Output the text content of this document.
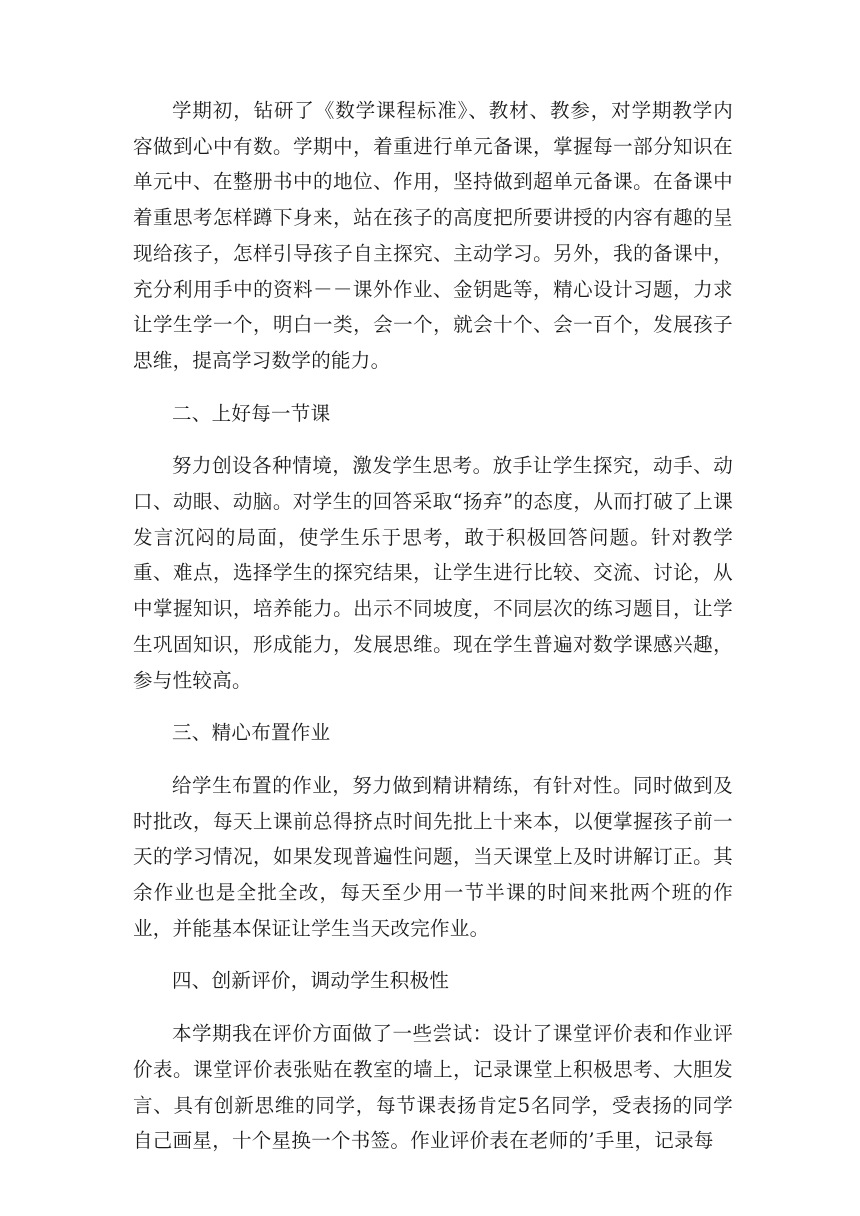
学期初，钻研了《数学课程标准》、教材、教参，对学期教学内容做到心中有数。学期中，着重进行单元备课，掌握每一部分知识在单元中、在整册书中的地位、作用，坚持做到超单元备课。在备课中着重思考怎样蹲下身来，站在孩子的高度把所要讲授的内容有趣的呈现给孩子，怎样引导孩子自主探究、主动学习。另外，我的备课中，充分利用手中的资料－－课外作业、金钥匙等，精心设计习题，力求让学生学一个，明白一类，会一个，就会十个、会一百个，发展孩子思维，提高学习数学的能力。

二、上好每一节课

努力创设各种情境，激发学生思考。放手让学生探究，动手、动口、动眼、动脑。对学生的回答采取“扬弃”的态度，从而打破了上课发言沉闷的局面，使学生乐于思考，敢于积极回答问题。针对教学重、难点，选择学生的探究结果，让学生进行比较、交流、讨论，从中掌握知识，培养能力。出示不同坡度，不同层次的练习题目，让学生巩固知识，形成能力，发展思维。现在学生普遍对数学课感兴趣，参与性较高。

三、精心布置作业

给学生布置的作业，努力做到精讲精练，有针对性。同时做到及时批改，每天上课前总得挤点时间先批上十来本，以便掌握孩子前一天的学习情况，如果发现普遍性问题，当天课堂上及时讲解订正。其余作业也是全批全改，每天至少用一节半课的时间来批两个班的作业，并能基本保证让学生当天改完作业。

四、创新评价，调动学生积极性

本学期我在评价方面做了一些尝试：设计了课堂评价表和作业评价表。课堂评价表张贴在教室的墙上，记录课堂上积极思考、大胆发言、具有创新思维的同学，每节课表扬肯定5名同学，受表扬的同学自己画星，十个星换一个书签。作业评价表在老师的’手里，记录每
